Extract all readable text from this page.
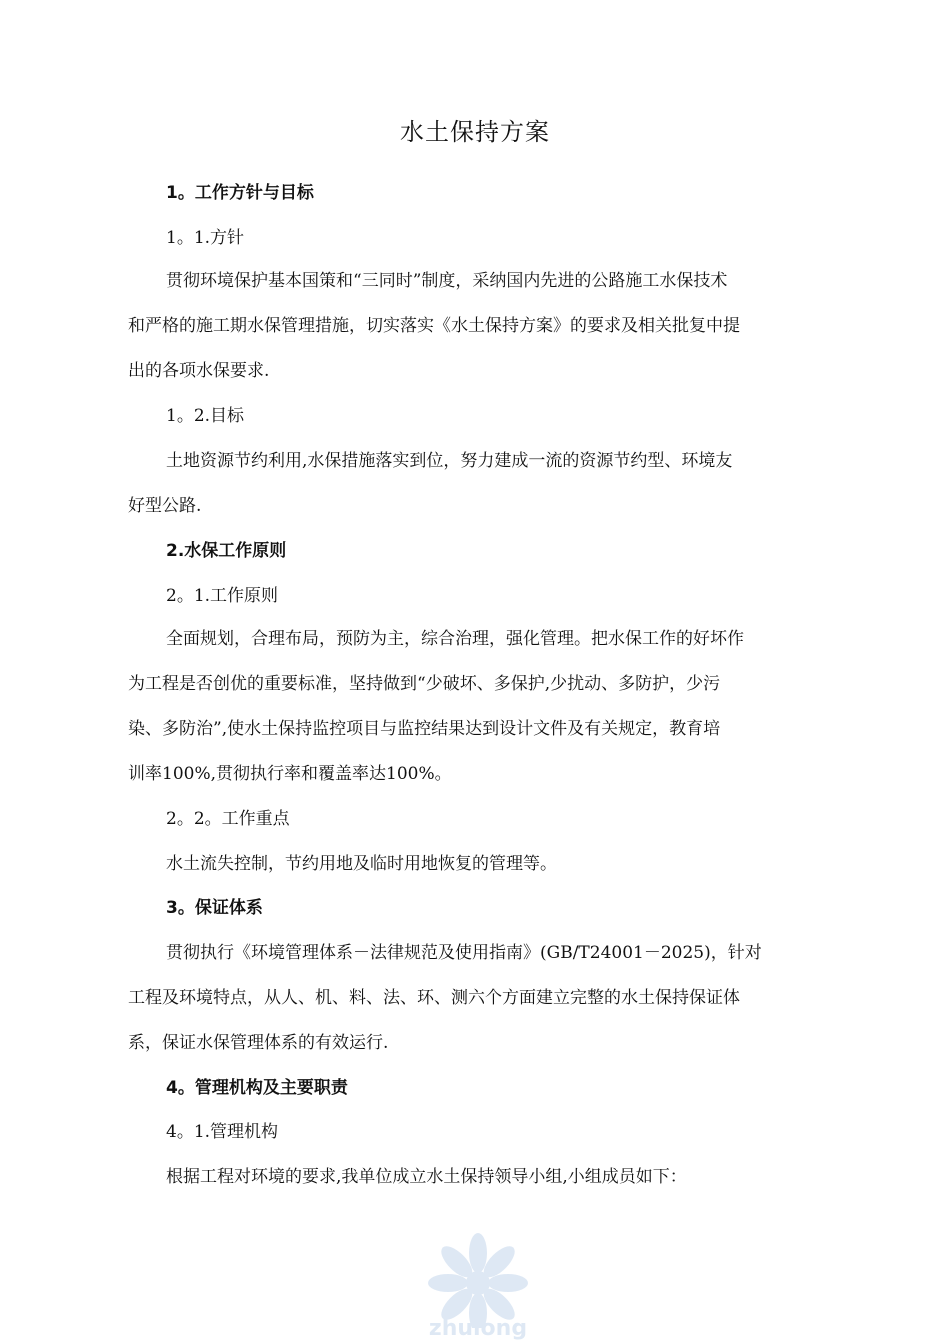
水土保持方案
1。工作方针与目标
1。1.方针
贯彻环境保护基本国策和“三同时”制度，采纳国内先进的公路施工水保技术
和严格的施工期水保管理措施，切实落实《水土保持方案》的要求及相关批复中提
出的各项水保要求.
1。2.目标
土地资源节约利用,水保措施落实到位，努力建成一流的资源节约型、环境友
好型公路.
2.水保工作原则
2。1.工作原则
全面规划，合理布局，预防为主，综合治理，强化管理。把水保工作的好坏作
为工程是否创优的重要标准，坚持做到“少破坏、多保护,少扰动、多防护，少污
染、多防治”,使水土保持监控项目与监控结果达到设计文件及有关规定，教育培
训率100%,贯彻执行率和覆盖率达100%。
2。2。工作重点
水土流失控制，节约用地及临时用地恢复的管理等。
3。保证体系
贯彻执行《环境管理体系－法律规范及使用指南》(GB/T24001－2025)，针对
工程及环境特点，从人、机、料、法、环、测六个方面建立完整的水土保持保证体
系，保证水保管理体系的有效运行.
4。管理机构及主要职责
4。1.管理机构
根据工程对环境的要求,我单位成立水土保持领导小组,小组成员如下：
zhulong
